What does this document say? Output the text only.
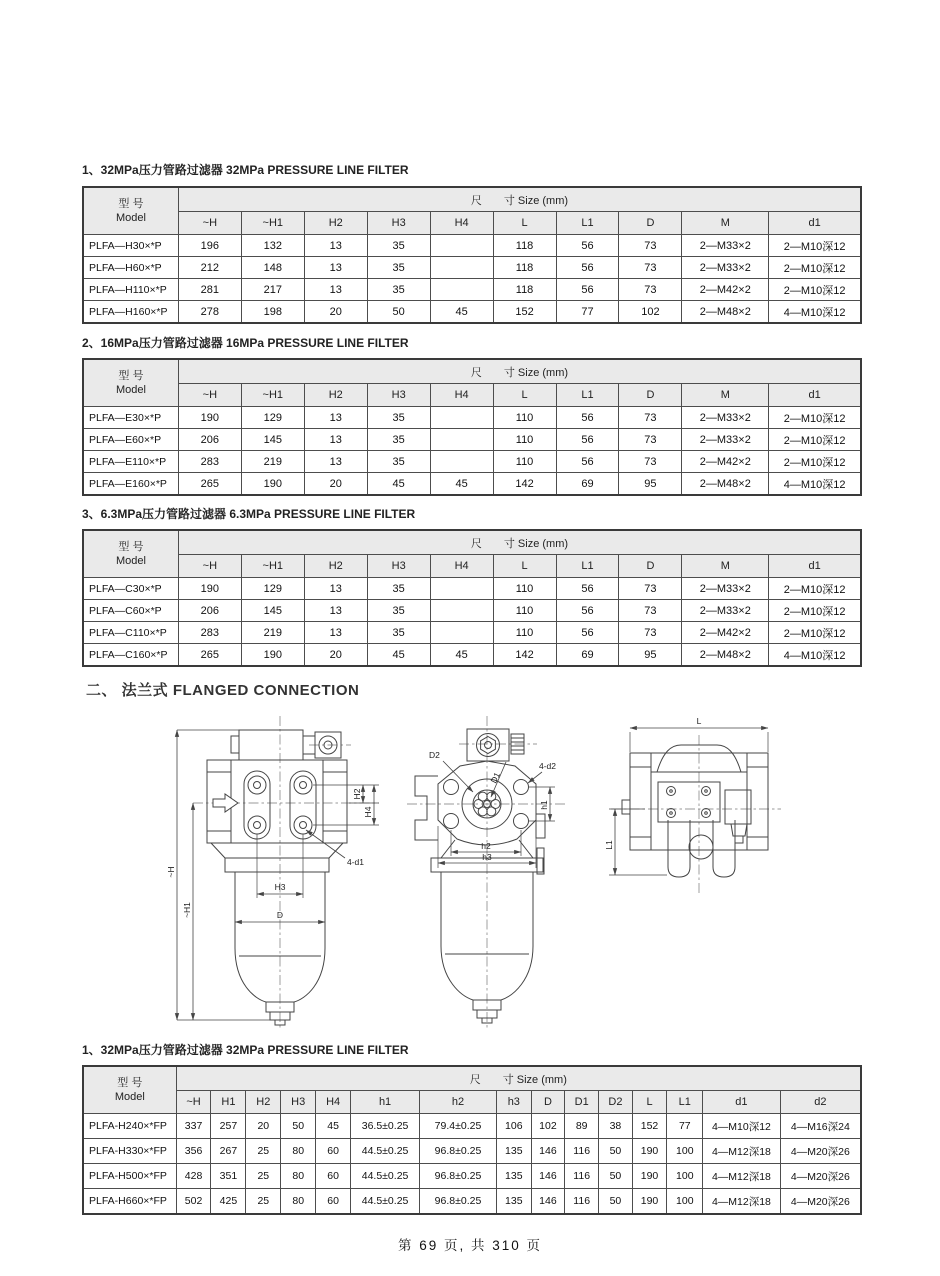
1、32MPa压力管路过滤器 32MPa PRESSURE LINE FILTER
型 号
Model	尺　　寸 Size (mm)									
	~H	~H1	H2	H3	H4	L	L1	D	M	d1
PLFA—H30×*P	196	132	13	35		118	56	73	2—M33×2	2—M10深12
PLFA—H60×*P	212	148	13	35		118	56	73	2—M33×2	2—M10深12
PLFA—H110×*P	281	217	13	35		118	56	73	2—M42×2	2—M10深12
PLFA—H160×*P	278	198	20	50	45	152	77	102	2—M48×2	4—M10深12
2、16MPa压力管路过滤器 16MPa PRESSURE LINE FILTER
型 号
Model	尺　　寸 Size (mm)									
	~H	~H1	H2	H3	H4	L	L1	D	M	d1
PLFA—E30×*P	190	129	13	35		110	56	73	2—M33×2	2—M10深12
PLFA—E60×*P	206	145	13	35		110	56	73	2—M33×2	2—M10深12
PLFA—E110×*P	283	219	13	35		110	56	73	2—M42×2	2—M10深12
PLFA—E160×*P	265	190	20	45	45	142	69	95	2—M48×2	4—M10深12
3、6.3MPa压力管路过滤器 6.3MPa PRESSURE LINE FILTER
型 号
Model	尺　　寸 Size (mm)									
	~H	~H1	H2	H3	H4	L	L1	D	M	d1
PLFA—C30×*P	190	129	13	35		110	56	73	2—M33×2	2—M10深12
PLFA—C60×*P	206	145	13	35		110	56	73	2—M33×2	2—M10深12
PLFA—C110×*P	283	219	13	35		110	56	73	2—M42×2	2—M10深12
PLFA—C160×*P	265	190	20	45	45	142	69	95	2—M48×2	4—M10深12
二、 法兰式 FLANGED CONNECTION
~H
~H1
H2
H4
H3
D
4-d1
D2
D1
4-d2
h1
h2
h3
L
L1
1、32MPa压力管路过滤器 32MPa PRESSURE LINE FILTER
型 号
Model	尺　　寸 Size (mm)														
	~H	H1	H2	H3	H4	h1	h2	h3	D	D1	D2	L	L1	d1	d2
PLFA-H240×*FP	337	257	20	50	45	36.5±0.25	79.4±0.25	106	102	89	38	152	77	4—M10深12	4—M16深24
PLFA-H330×*FP	356	267	25	80	60	44.5±0.25	96.8±0.25	135	146	116	50	190	100	4—M12深18	4—M20深26
PLFA-H500×*FP	428	351	25	80	60	44.5±0.25	96.8±0.25	135	146	116	50	190	100	4—M12深18	4—M20深26
PLFA-H660×*FP	502	425	25	80	60	44.5±0.25	96.8±0.25	135	146	116	50	190	100	4—M12深18	4—M20深26
第 69 页, 共 310 页
